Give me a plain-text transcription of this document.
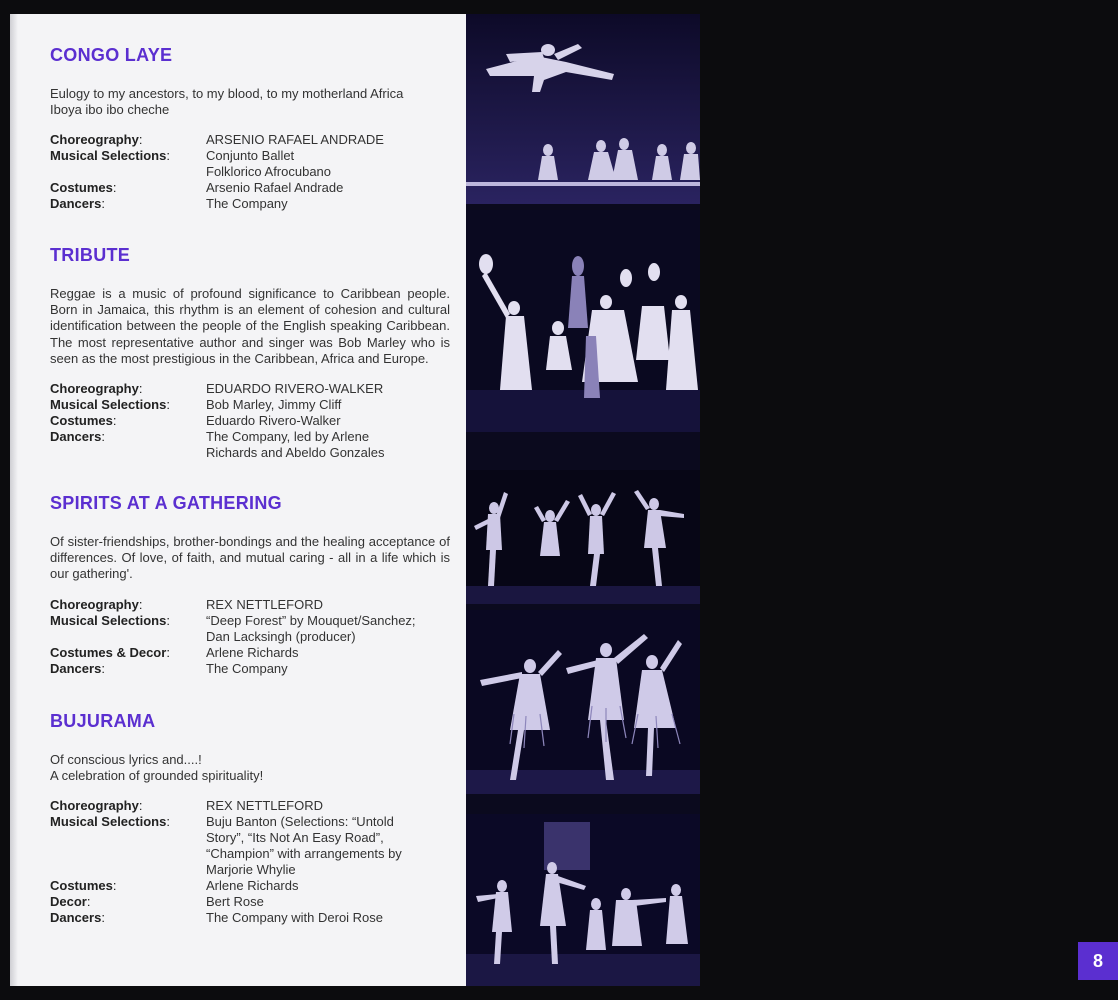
CONGO LAYE
Eulogy to my ancestors, to my blood, to my motherland Africa
Iboya ibo ibo cheche
Choreography:	ARSENIO RAFAEL ANDRADE
Musical Selections:	Conjunto Ballet
Folklorico Afrocubano
Costumes:	Arsenio Rafael Andrade
Dancers:	The Company
TRIBUTE
Reggae is a music of profound significance to Caribbean people. Born in Jamaica, this rhythm is an element of cohesion and cultural identification between the people of the English speaking Caribbean. The most representative author and singer was Bob Marley who is seen as the most prestigious in the Caribbean, Africa and Europe.
Choreography:	EDUARDO RIVERO-WALKER
Musical Selections:	Bob Marley, Jimmy Cliff
Costumes:	Eduardo Rivero-Walker
Dancers:	The Company, led by Arlene
Richards and Abeldo Gonzales
SPIRITS AT A GATHERING
Of sister-friendships, brother-bondings and the healing acceptance of differences. Of love, of faith, and mutual caring - all in a life which is our gathering'.
Choreography:	REX NETTLEFORD
Musical Selections:	“Deep Forest” by Mouquet/Sanchez;
Dan Lacksingh (producer)
Costumes & Decor:	Arlene Richards
Dancers:	The Company
BUJURAMA
Of conscious lyrics and....!
A celebration of grounded spirituality!
Choreography:	REX NETTLEFORD
Musical Selections:	Buju Banton (Selections: “Untold
Story”, “Its Not An Easy Road”,
“Champion” with arrangements by
Marjorie Whylie
Costumes:	Arlene Richards
Decor:	Bert Rose
Dancers:	The Company with Deroi Rose
8
